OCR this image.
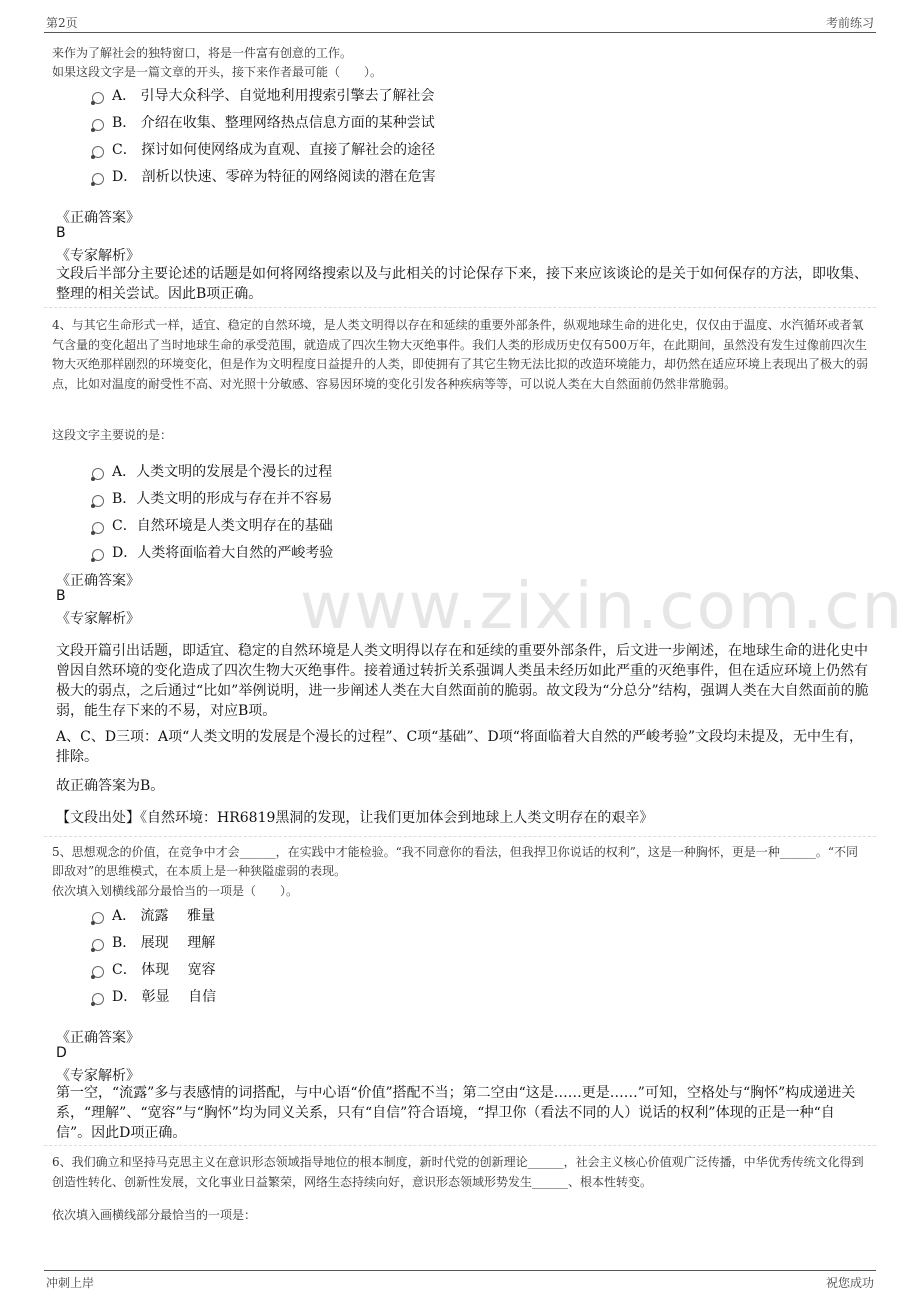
第2页	考前练习
www.zixin.com.cn
来作为了解社会的独特窗口，将是一件富有创意的工作。
如果这段文字是一篇文章的开头，接下来作者最可能（　　）。
A． 引导大众科学、自觉地利用搜索引擎去了解社会
B． 介绍在收集、整理网络热点信息方面的某种尝试
C． 探讨如何使网络成为直观、直接了解社会的途径
D． 剖析以快速、零碎为特征的网络阅读的潜在危害
《正确答案》
B
《专家解析》
文段后半部分主要论述的话题是如何将网络搜索以及与此相关的讨论保存下来，接下来应该谈论的是关于如何保存的方法，即收集、整理的相关尝试。因此B项正确。
4、与其它生命形式一样，适宜、稳定的自然环境，是人类文明得以存在和延续的重要外部条件，纵观地球生命的进化史，仅仅由于温度、水汽循环或者氧气含量的变化超出了当时地球生命的承受范围，就造成了四次生物大灭绝事件。我们人类的形成历史仅有500万年，在此期间，虽然没有发生过像前四次生物大灭绝那样剧烈的环境变化，但是作为文明程度日益提升的人类，即使拥有了其它生物无法比拟的改造环境能力，却仍然在适应环境上表现出了极大的弱点，比如对温度的耐受性不高、对光照十分敏感、容易因环境的变化引发各种疾病等等，可以说人类在大自然面前仍然非常脆弱。
这段文字主要说的是：
A．人类文明的发展是个漫长的过程
B．人类文明的形成与存在并不容易
C．自然环境是人类文明存在的基础
D．人类将面临着大自然的严峻考验
《正确答案》
B
《专家解析》
文段开篇引出话题，即适宜、稳定的自然环境是人类文明得以存在和延续的重要外部条件，后文进一步阐述，在地球生命的进化史中曾因自然环境的变化造成了四次生物大灭绝事件。接着通过转折关系强调人类虽未经历如此严重的灭绝事件，但在适应环境上仍然有极大的弱点，之后通过“比如”举例说明，进一步阐述人类在大自然面前的脆弱。故文段为“分总分”结构，强调人类在大自然面前的脆弱，能生存下来的不易，对应B项。
A、C、D三项：A项“人类文明的发展是个漫长的过程”、C项“基础”、D项“将面临着大自然的严峻考验”文段均未提及，无中生有，排除。
故正确答案为B。
【文段出处】《自然环境：HR6819黑洞的发现，让我们更加体会到地球上人类文明存在的艰辛》
5、思想观念的价值，在竞争中才会______，在实践中才能检验。“我不同意你的看法，但我捍卫你说话的权利”，这是一种胸怀，更是一种______。“不同即敌对”的思维模式，在本质上是一种狭隘虚弱的表现。
依次填入划横线部分最恰当的一项是（　　）。
A． 流露　 雅量
B． 展现　 理解
C． 体现　 宽容
D． 彰显　 自信
《正确答案》
D
《专家解析》
第一空，“流露”多与表感情的词搭配，与中心语“价值”搭配不当；第二空由“这是……更是……”可知，空格处与“胸怀”构成递进关系，“理解”、“宽容”与“胸怀”均为同义关系，只有“自信”符合语境，“捍卫你（看法不同的人）说话的权利”体现的正是一种“自信”。因此D项正确。
6、我们确立和坚持马克思主义在意识形态领域指导地位的根本制度，新时代党的创新理论______，社会主义核心价值观广泛传播，中华优秀传统文化得到创造性转化、创新性发展，文化事业日益繁荣，网络生态持续向好，意识形态领域形势发生______、根本性转变。
依次填入画横线部分最恰当的一项是：
冲刺上岸	祝您成功
